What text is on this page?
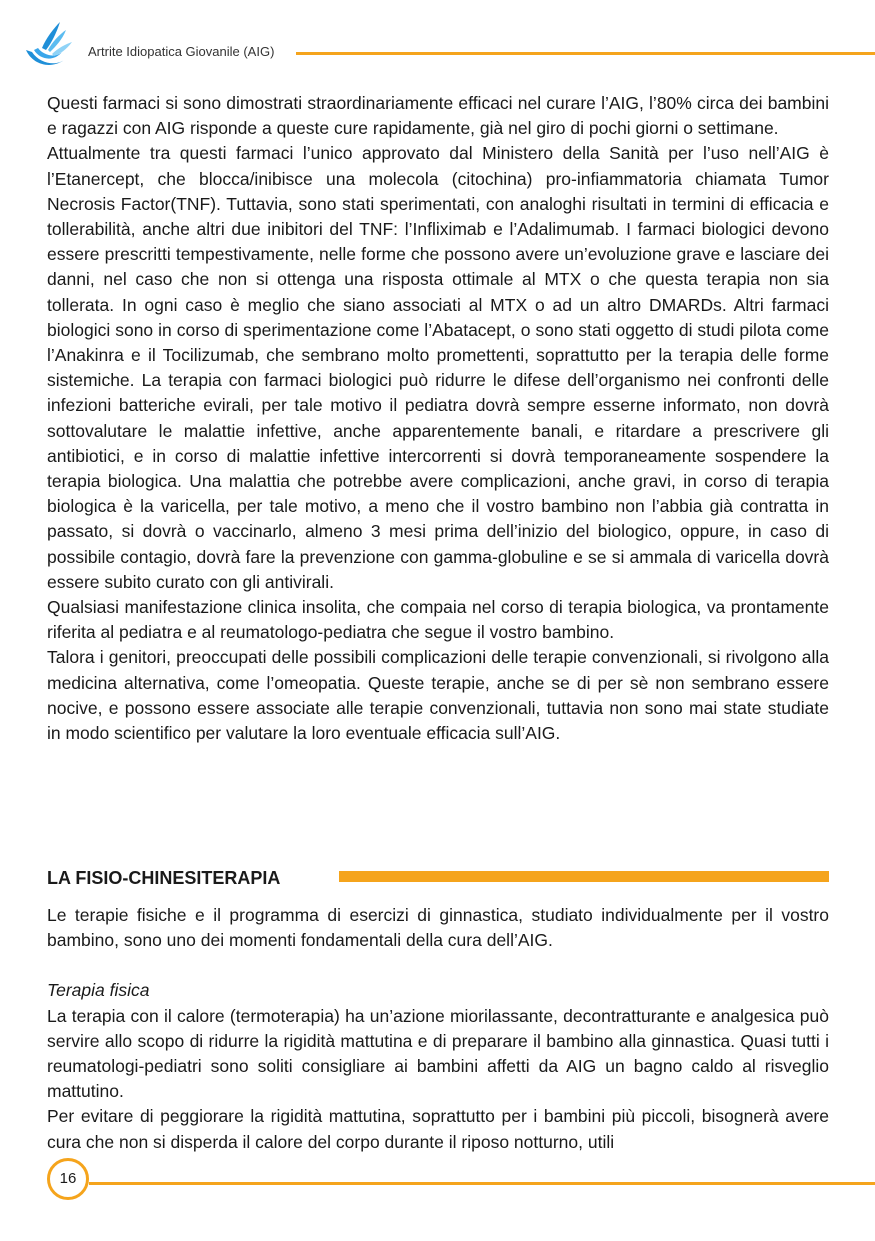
Artrite Idiopatica Giovanile (AIG)

Questi farmaci si sono dimostrati straordinariamente efficaci nel curare l’AIG, l’80% circa dei bambini e ragazzi con AIG risponde a queste cure rapidamente, già nel giro di pochi giorni o settimane.

Attualmente tra questi farmaci l’unico approvato dal Ministero della Sanità per l’uso nell’AIG è l’Etanercept, che blocca/inibisce una molecola (citochina) pro-infiammatoria chiamata Tumor Necrosis Factor(TNF). Tuttavia, sono stati sperimentati, con analoghi risultati in termini di efficacia e tollerabilità, anche altri due inibitori del TNF: l’Infliximab e l’Adalimumab. I farmaci biologici devono essere prescritti tempestivamente, nelle forme che possono avere un’evoluzione grave e lasciare dei danni, nel caso che non si ottenga una risposta ottimale al MTX o che questa terapia non sia tollerata. In ogni caso è meglio che siano associati al MTX o ad un altro DMARDs. Altri farmaci biologici sono in corso di sperimentazione come l’Abatacept, o sono stati oggetto di studi pilota come l’Anakinra e il Tocilizumab, che sembrano molto promettenti, soprattutto per la terapia delle forme sistemiche. La terapia con farmaci biologici può ridurre le difese dell’organismo nei confronti delle infezioni batteriche evirali, per tale motivo il pediatra dovrà sempre esserne informato, non dovrà sottovalutare le malattie infettive, anche apparentemente banali, e ritardare a prescrivere gli antibiotici, e in corso di malattie infettive intercorrenti si dovrà temporaneamente sospendere la terapia biologica. Una malattia che potrebbe avere complicazioni, anche gravi, in corso di terapia biologica è la varicella, per tale motivo, a meno che il vostro bambino non l’abbia già contratta in passato, si dovrà o vaccinarlo, almeno 3 mesi prima dell’inizio del biologico, oppure, in caso di possibile contagio, dovrà fare la prevenzione con gamma-globuline e se si ammala di varicella dovrà essere subito curato con gli antivirali.

Qualsiasi manifestazione clinica insolita, che compaia nel corso di terapia biologica, va prontamente riferita al pediatra e al reumatologo-pediatra che segue il vostro bambino.

Talora i genitori, preoccupati delle possibili complicazioni delle terapie convenzionali, si rivolgono alla medicina alternativa, come l’omeopatia. Queste terapie, anche se di per sè non sembrano essere nocive, e possono essere associate alle terapie convenzionali, tuttavia non sono mai state studiate in modo scientifico per valutare la loro eventuale efficacia sull’AIG.

LA FISIO-CHINESITERAPIA

Le terapie fisiche e il programma di esercizi di ginnastica, studiato individualmente per il vostro bambino, sono uno dei momenti fondamentali della cura dell’AIG.

Terapia fisica

La terapia con il calore (termoterapia) ha un’azione miorilassante, decontratturante e analgesica può servire allo scopo di ridurre la rigidità mattutina e di preparare il bambino alla ginnastica. Quasi tutti i reumatologi-pediatri sono soliti consigliare ai bambini affetti da AIG un bagno caldo al risveglio mattutino.

Per evitare di peggiorare la rigidità mattutina, soprattutto per i bambini più piccoli, bisognerà avere cura che non si disperda il calore del corpo durante il riposo notturno, utili

16
